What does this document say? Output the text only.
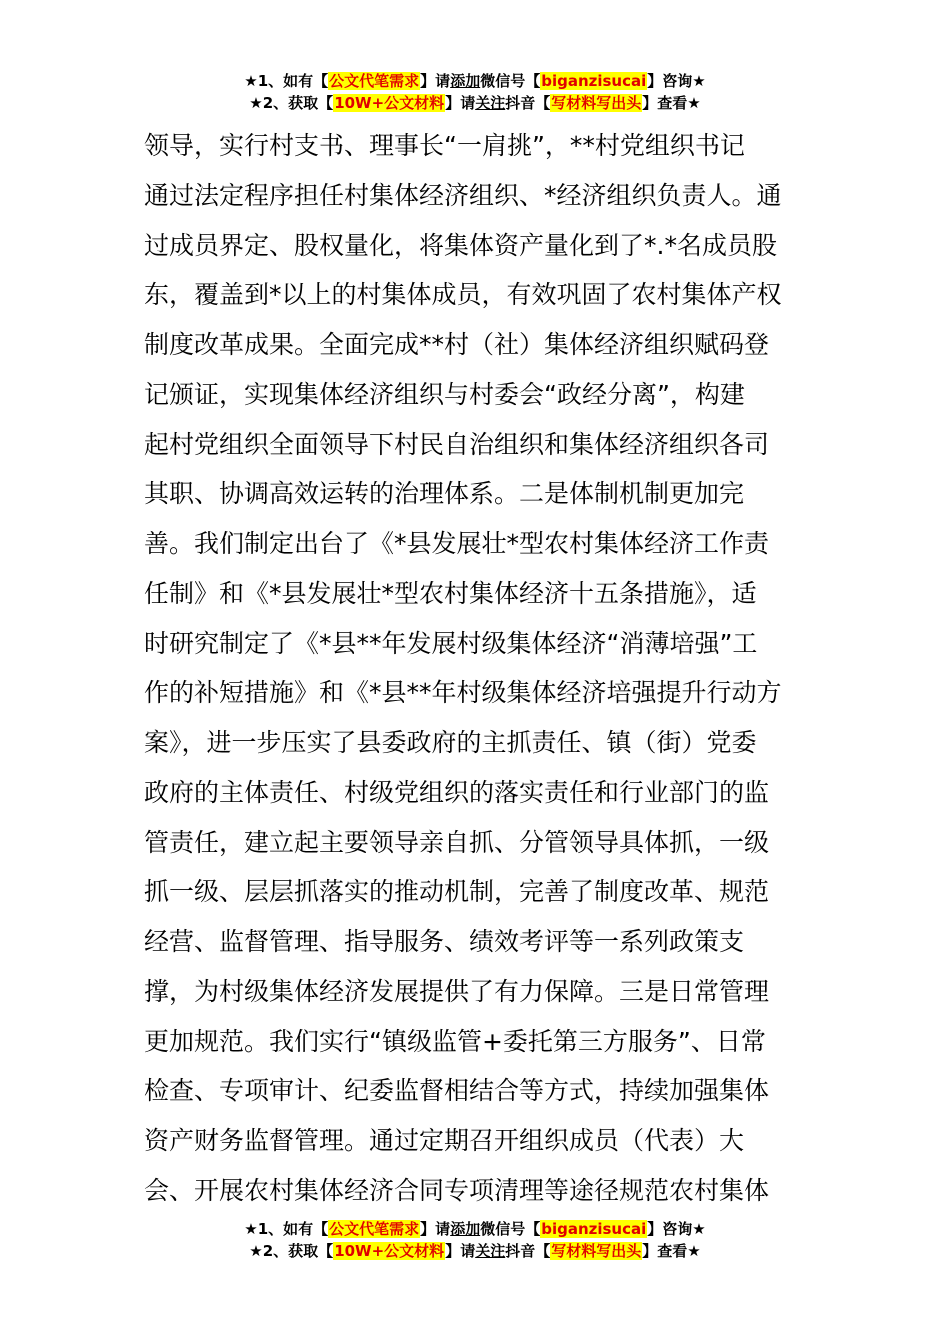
★1、如有【公文代笔需求】请添加微信号【biganzisucai】咨询★
★2、获取【10W+公文材料】请关注抖音【写材料写出头】查看★
领导，实行村支书、理事长“一肩挑”，**村党组织书记
通过法定程序担任村集体经济组织、*经济组织负责人。通
过成员界定、股权量化，将集体资产量化到了*.*名成员股
东，覆盖到*以上的村集体成员，有效巩固了农村集体产权
制度改革成果。全面完成**村（社）集体经济组织赋码登
记颁证，实现集体经济组织与村委会“政经分离”，构建
起村党组织全面领导下村民自治组织和集体经济组织各司
其职、协调高效运转的治理体系。二是体制机制更加完
善。我们制定出台了《*县发展壮*型农村集体经济工作责
任制》和《*县发展壮*型农村集体经济十五条措施》，适
时研究制定了《*县**年发展村级集体经济“消薄培强”工
作的补短措施》和《*县**年村级集体经济培强提升行动方
案》，进一步压实了县委政府的主抓责任、镇（街）党委
政府的主体责任、村级党组织的落实责任和行业部门的监
管责任，建立起主要领导亲自抓、分管领导具体抓，一级
抓一级、层层抓落实的推动机制，完善了制度改革、规范
经营、监督管理、指导服务、绩效考评等一系列政策支
撑，为村级集体经济发展提供了有力保障。三是日常管理
更加规范。我们实行“镇级监管+委托第三方服务”、日常
检查、专项审计、纪委监督相结合等方式，持续加强集体
资产财务监督管理。通过定期召开组织成员（代表）大
会、开展农村集体经济合同专项清理等途径规范农村集体
★1、如有【公文代笔需求】请添加微信号【biganzisucai】咨询★
★2、获取【10W+公文材料】请关注抖音【写材料写出头】查看★
